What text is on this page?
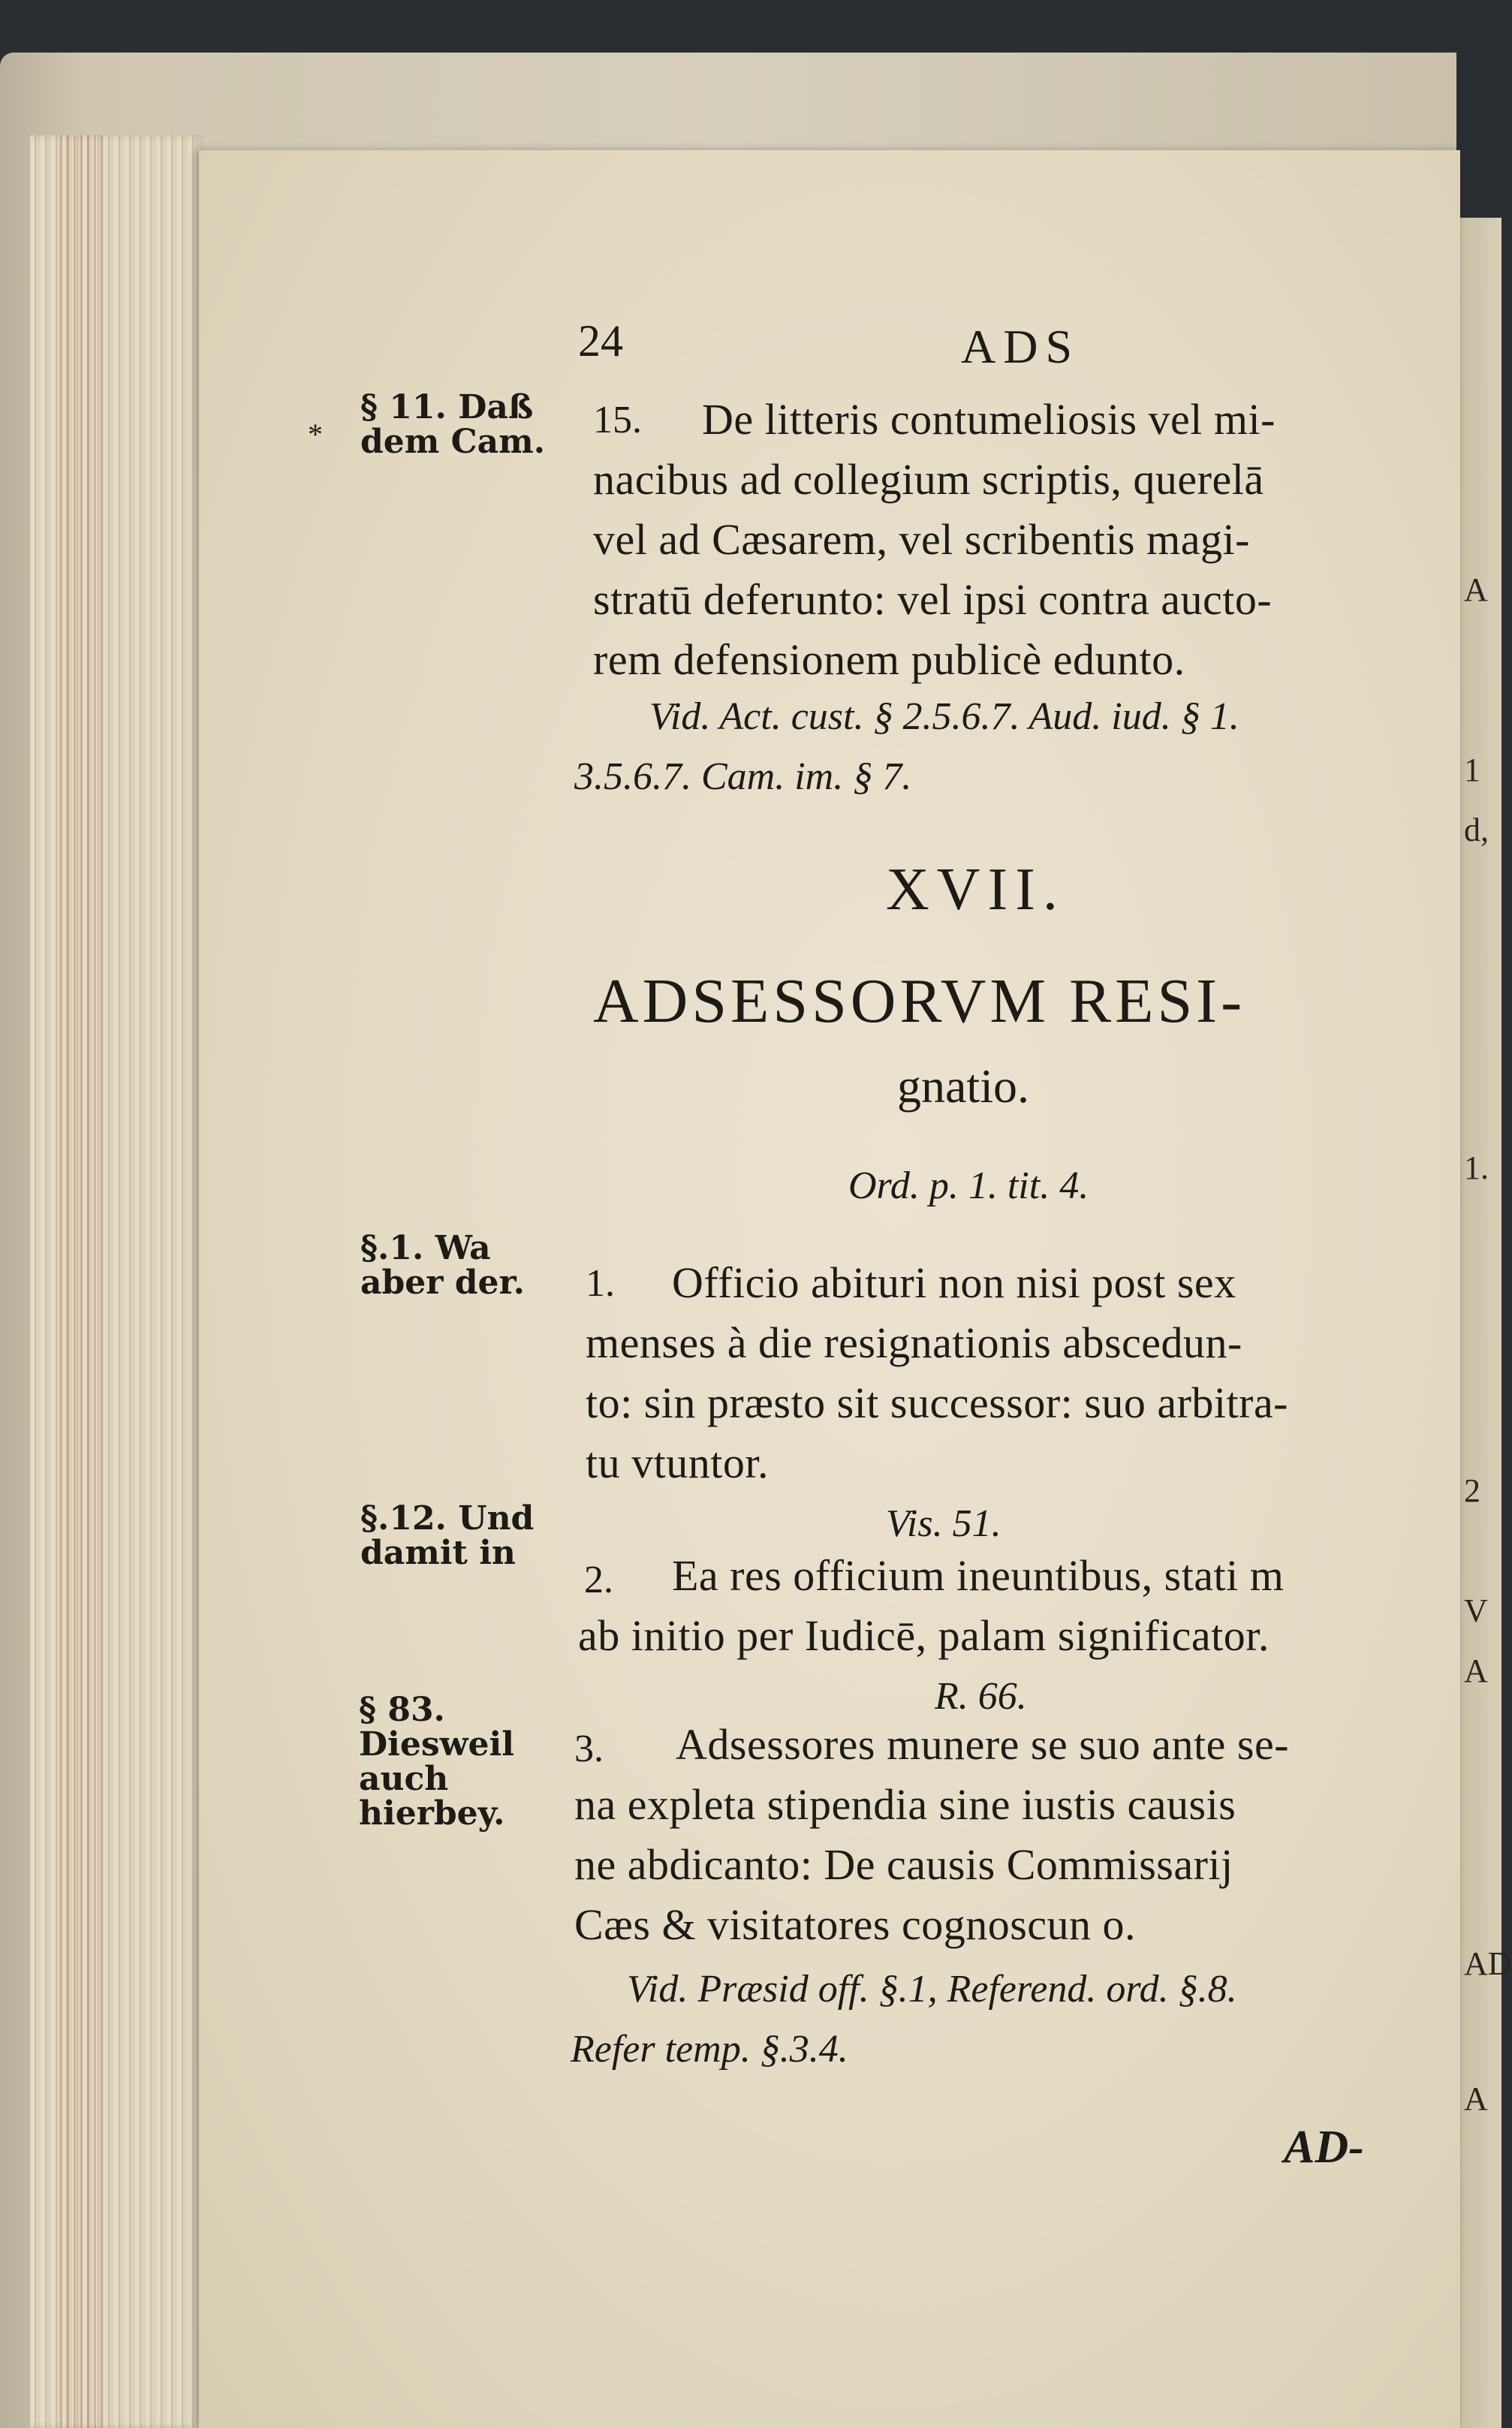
A
1
d,
1.
2
V
A
AD
A
24	ADS
*
§ 11. Daß dem Cam.
§.1. Wa aber der.
§.12. Und damit in
§ 83. Diesweil auch hierbey.
15. De litteris contumeliosis vel mi-
nacibus ad collegium scriptis, querelā
vel ad Cæsarem, vel scribentis magi-
stratū deferunto: vel ipsi contra aucto-
rem defensionem publicè edunto.
Vid. Act. cust. § 2.5.6.7. Aud. iud. § 1.
3.5.6.7. Cam. im. § 7.
XVII.
ADSESSORVM RESI-
gnatio.
Ord. p. 1. tit. 4.
1. Officio abituri non nisi post sex
menses à die resignationis abscedun-
to: sin præsto sit successor: suo arbitra-
tu vtuntor.
Vis. 51.
2. Ea res officium ineuntibus, stati m
ab initio per Iudicē, palam significator.
R. 66.
3. Adsessores munere se suo ante se-
na expleta stipendia sine iustis causis
ne abdicanto: De causis Commissarij
Cæs & visitatores cognoscun o.
Vid. Præsid off. §.1, Referend. ord. §.8.
Refer temp. §.3.4.
AD-
